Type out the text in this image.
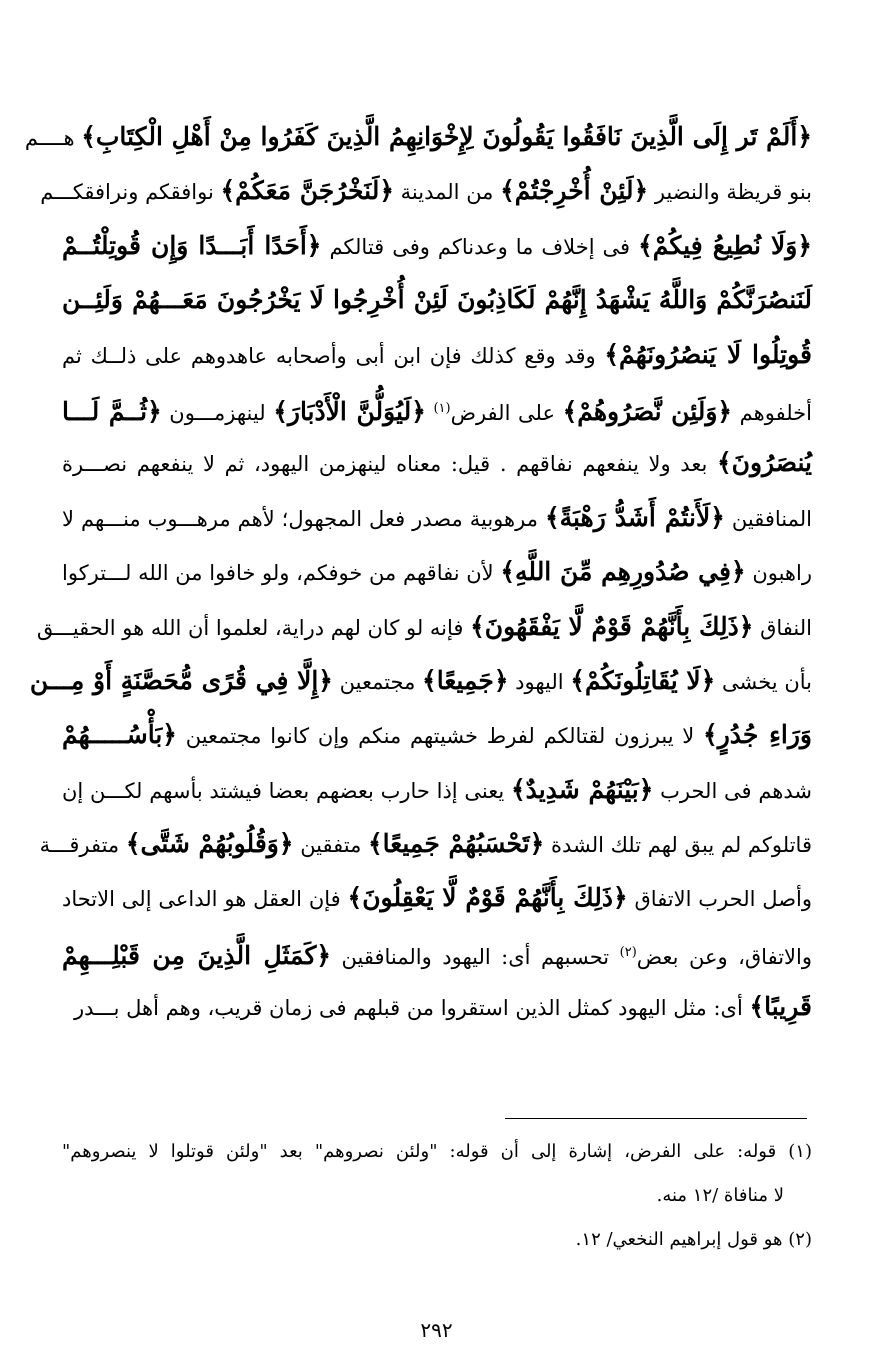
﴿أَلَمْ تَر إِلَى الَّذِينَ نَافَقُوا يَقُولُونَ لِإِخْوَانِهِمُ الَّذِينَ كَفَرُوا مِنْ أَهْلِ الْكِتَابِ﴾ هــــم
بنو قريظة والنضير ﴿لَئِنْ أُخْرِجْتُمْ﴾ من المدينة ﴿لَنَخْرُجَنَّ مَعَكُمْ﴾ نوافقكم ونرافقكـــم
﴿وَلَا نُطِيعُ فِيكُمْ﴾ فى إخلاف ما وعدناكم وفى قتالكم ﴿أَحَدًا أَبَـــدًا وَإِن قُوتِلْتُــمْ
لَنَنصُرَنَّكُمْ وَاللَّهُ يَشْهَدُ إِنَّهُمْ لَكَاذِبُونَ لَئِنْ أُخْرِجُوا لَا يَخْرُجُونَ مَعَـــهُمْ وَلَئِــن
قُوتِلُوا لَا يَنصُرُونَهُمْ﴾ وقد وقع كذلك فإن ابن أبى وأصحابه عاهدوهم على ذلــك ثم
أخلفوهم ﴿وَلَئِن نَّصَرُوهُمْ﴾ على الفرض$^{(١)}$ ﴿لَيُوَلُّنَّ الْأَدْبَارَ﴾ لينهزمـــون ﴿ثُــمَّ لَـــا
يُنصَرُونَ﴾ بعد ولا ينفعهم نفاقهم . قيل: معناه لينهزمن اليهود، ثم لا ينفعهم نصـــرة
المنافقين ﴿لَأَنتُمْ أَشَدُّ رَهْبَةً﴾ مرهوبية مصدر فعل المجهول؛ لأهم مرهـــوب منـــهم لا
راهبون ﴿فِي صُدُورِهِم مِّنَ اللَّهِ﴾ لأن نفاقهم من خوفكم، ولو خافوا من الله لـــتركوا
النفاق ﴿ذَلِكَ بِأَنَّهُمْ قَوْمٌ لَّا يَفْقَهُونَ﴾ فإنه لو كان لهم دراية، لعلموا أن الله هو الحقيـــق
بأن يخشى ﴿لَا يُقَاتِلُونَكُمْ﴾ اليهود ﴿جَمِيعًا﴾ مجتمعين ﴿إِلَّا فِي قُرًى مُّحَصَّنَةٍ أَوْ مِـــن
وَرَاءِ جُدُرٍ﴾ لا يبرزون لقتالكم لفرط خشيتهم منكم وإن كانوا مجتمعين ﴿بَأْسُـــــهُمْ
شدهم فى الحرب ﴿بَيْنَهُمْ شَدِيدٌ﴾ يعنى إذا حارب بعضهم بعضا فيشتد بأسهم لكـــن إن
قاتلوكم لم يبق لهم تلك الشدة ﴿تَحْسَبُهُمْ جَمِيعًا﴾ متفقين ﴿وَقُلُوبُهُمْ شَتَّى﴾ متفرقـــة
وأصل الحرب الاتفاق ﴿ذَلِكَ بِأَنَّهُمْ قَوْمٌ لَّا يَعْقِلُونَ﴾ فإن العقل هو الداعى إلى الاتحاد
والاتفاق، وعن بعض$^{(٢)}$ تحسبهم أى: اليهود والمنافقين ﴿كَمَثَلِ الَّذِينَ مِن قَبْلِـــهِمْ
قَرِيبًا﴾ أى: مثل اليهود كمثل الذين استقروا من قبلهم فى زمان قريب، وهم أهل بـــدر
(١) قوله: على الفرض، إشارة إلى أن قوله: "ولئن نصروهم" بعد "ولئن قوتلوا لا ينصروهم"
لا منافاة /١٢ منه.
(٢) هو قول إبراهيم النخعي/ ١٢.
٢٩٢
